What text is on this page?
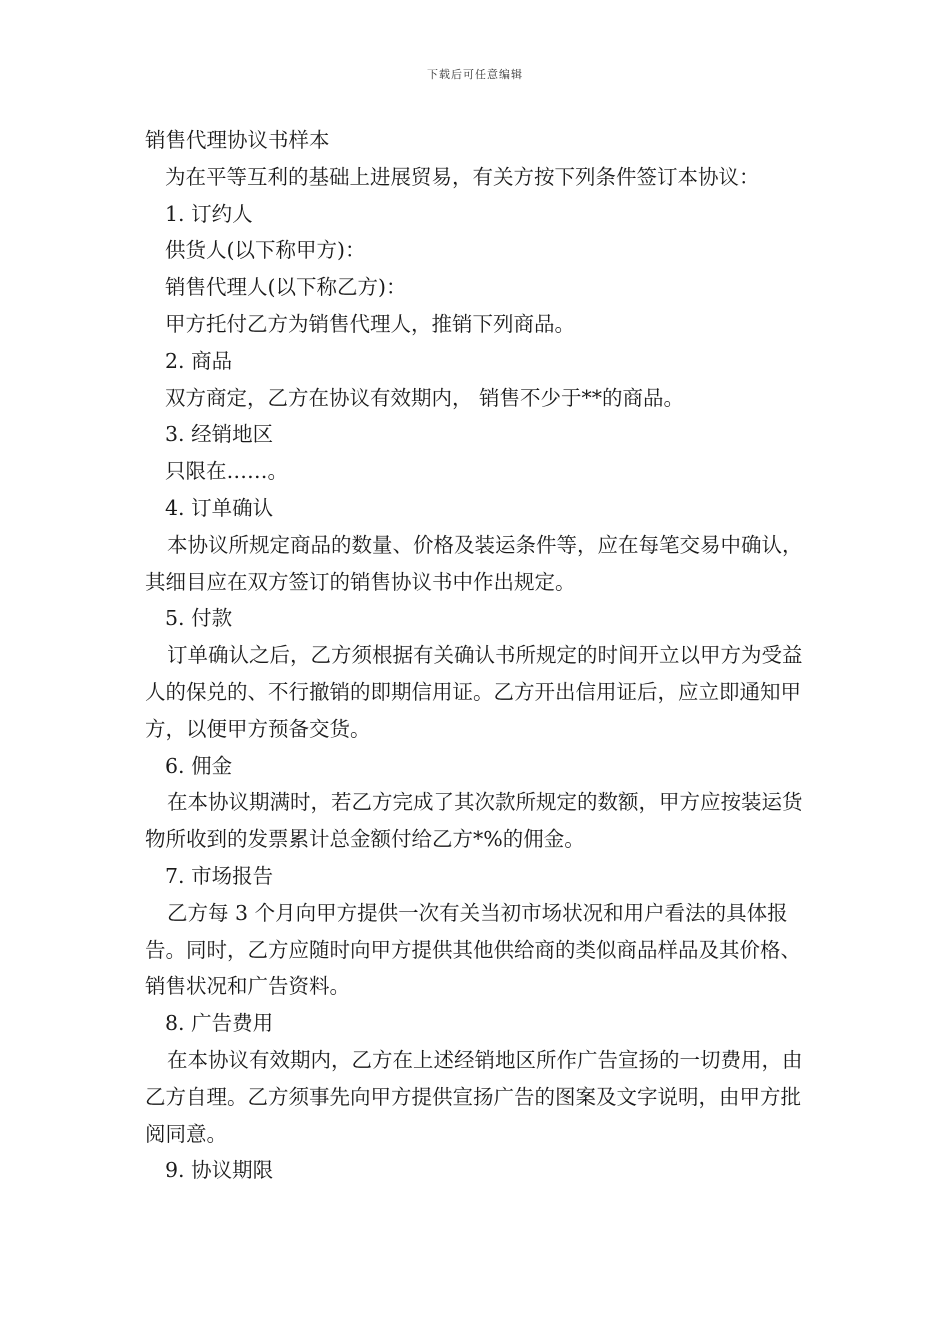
下载后可任意编辑

销售代理协议书样本

为在平等互利的基础上进展贸易，有关方按下列条件签订本协议：

1. 订约人

供货人(以下称甲方)：

销售代理人(以下称乙方)：

甲方托付乙方为销售代理人，推销下列商品。

2. 商品

双方商定，乙方在协议有效期内， 销售不少于**的商品。

3. 经销地区

只限在……。

4. 订单确认

本协议所规定商品的数量、价格及装运条件等，应在每笔交易中确认，其细目应在双方签订的销售协议书中作出规定。

5. 付款

订单确认之后，乙方须根据有关确认书所规定的时间开立以甲方为受益人的保兑的、不行撤销的即期信用证。乙方开出信用证后，应立即通知甲方，以便甲方预备交货。

6. 佣金

在本协议期满时，若乙方完成了其次款所规定的数额，甲方应按装运货物所收到的发票累计总金额付给乙方*%的佣金。

7. 市场报告

乙方每 3 个月向甲方提供一次有关当初市场状况和用户看法的具体报告。同时，乙方应随时向甲方提供其他供给商的类似商品样品及其价格、销售状况和广告资料。

8. 广告费用

在本协议有效期内，乙方在上述经销地区所作广告宣扬的一切费用，由乙方自理。乙方须事先向甲方提供宣扬广告的图案及文字说明，由甲方批阅同意。

9. 协议期限
